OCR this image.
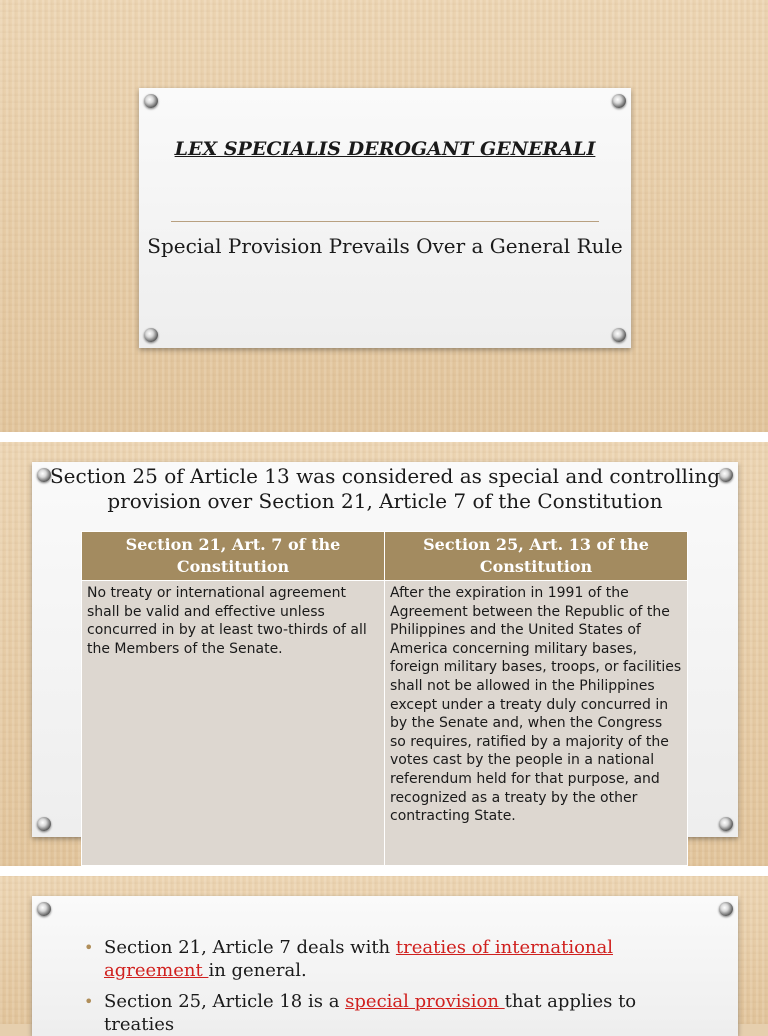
LEX SPECIALIS DEROGANT GENERALI
Special Provision Prevails Over a General Rule
Section 25 of Article 13 was considered as special and controlling provision over Section 21, Article 7 of the Constitution
Section 21, Art. 7 of the Constitution	Section 25, Art. 13 of the Constitution
No treaty or international agreement shall be valid and effective unless concurred in by at least two-thirds of all the Members of the Senate.	After the expiration in 1991 of the Agreement between the Republic of the Philippines and the United States of America concerning military bases, foreign military bases, troops, or facilities shall not be allowed in the Philippines except under a treaty duly concurred in by the Senate and, when the Congress so requires, ratified by a majority of the votes cast by the people in a national referendum held for that purpose, and recognized as a treaty by the other contracting State.
• Section 21, Article 7 deals with treaties of international agreement in general.
• Section 25, Article 18 is a special provision that applies to treaties
